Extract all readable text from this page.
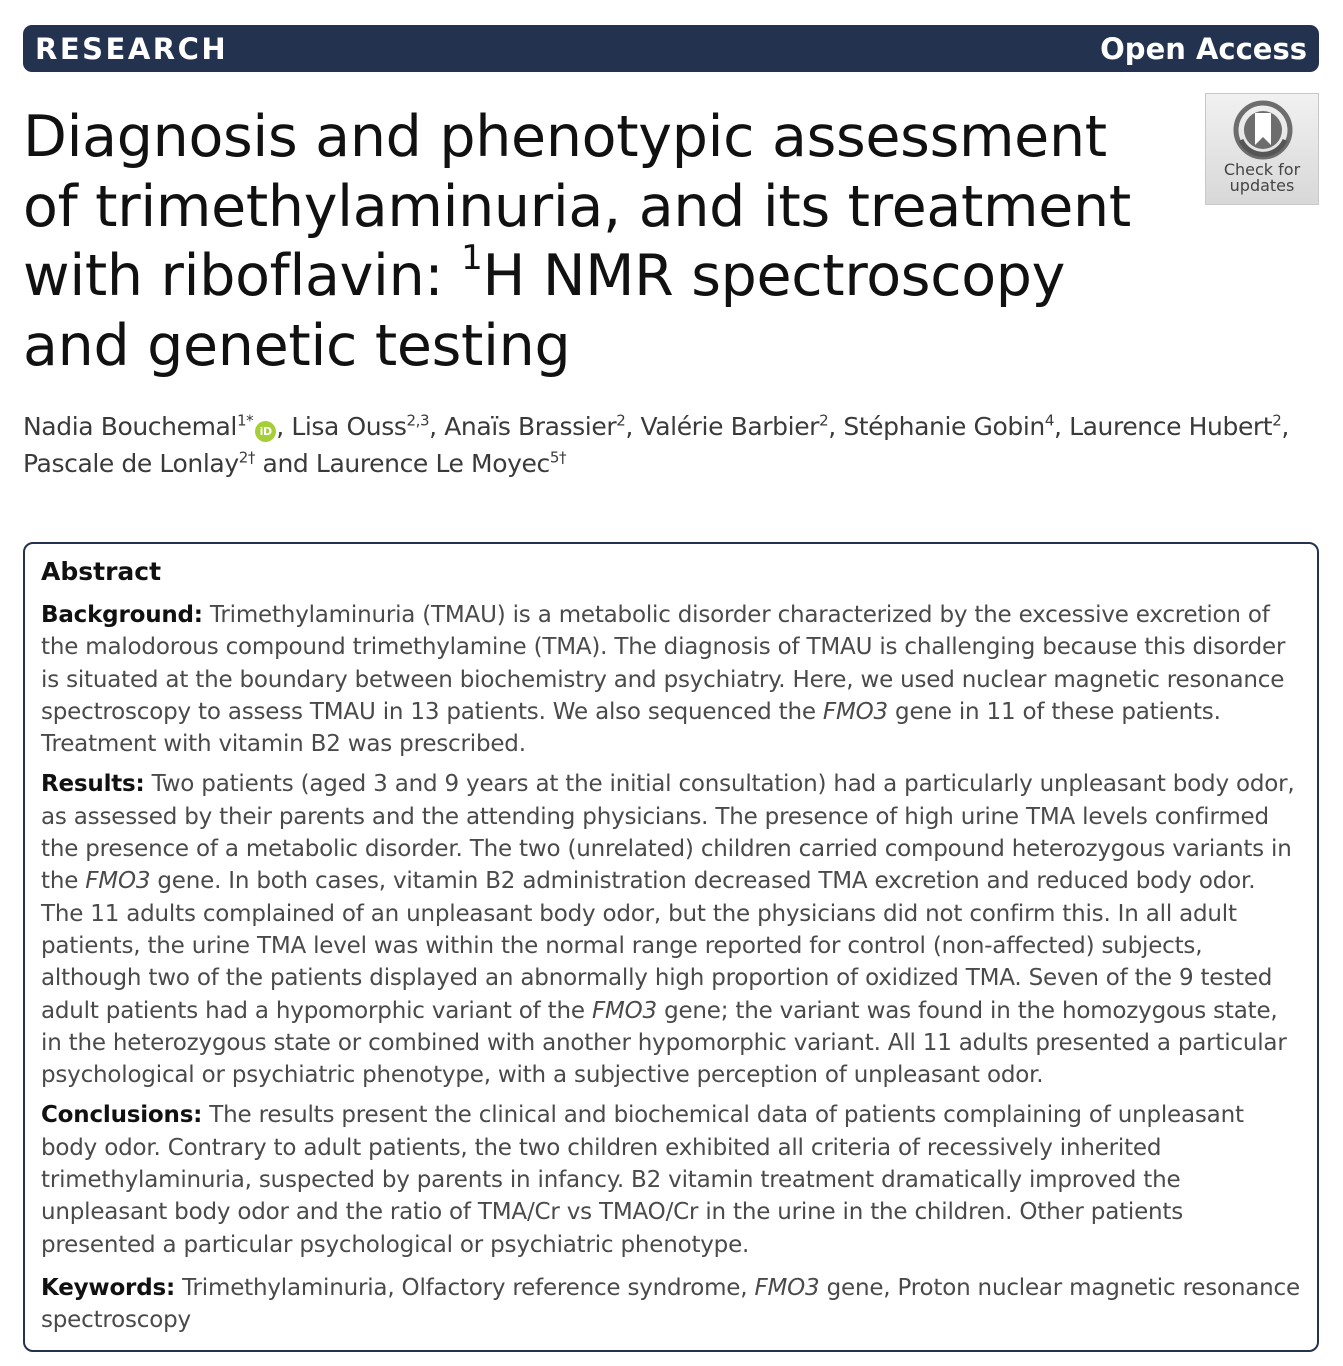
RESEARCH	Open Access
Diagnosis and phenotypic assessment of trimethylaminuria, and its treatment with riboflavin: $^1$H NMR spectroscopy and genetic testing
Check for
updates
Nadia Bouchemal$^{1*}$iD , Lisa Ouss$^{2,3}$, Anaïs Brassier$^2$, Valérie Barbier$^2$, Stéphanie Gobin$^4$, Laurence Hubert$^2$,
Pascale de Lonlay$^{2\dagger}$ and Laurence Le Moyec$^{5\dagger}$
Abstract

Background: Trimethylaminuria (TMAU) is a metabolic disorder characterized by the excessive excretion of the malodorous compound trimethylamine (TMA). The diagnosis of TMAU is challenging because this disorder is situated at the boundary between biochemistry and psychiatry. Here, we used nuclear magnetic resonance spectroscopy to assess TMAU in 13 patients. We also sequenced the FMO3 gene in 11 of these patients. Treatment with vitamin B2 was prescribed.

Results: Two patients (aged 3 and 9 years at the initial consultation) had a particularly unpleasant body odor, as assessed by their parents and the attending physicians. The presence of high urine TMA levels confirmed the presence of a metabolic disorder. The two (unrelated) children carried compound heterozygous variants in the FMO3 gene. In both cases, vitamin B2 administration decreased TMA excretion and reduced body odor. The 11 adults complained of an unpleasant body odor, but the physicians did not confirm this. In all adult patients, the urine TMA level was within the normal range reported for control (non-affected) subjects, although two of the patients displayed an abnormally high proportion of oxidized TMA. Seven of the 9 tested adult patients had a hypomorphic variant of the FMO3 gene; the variant was found in the homozygous state, in the heterozygous state or combined with another hypomorphic variant. All 11 adults presented a particular psychological or psychiatric phenotype, with a subjective perception of unpleasant odor.

Conclusions: The results present the clinical and biochemical data of patients complaining of unpleasant body odor. Contrary to adult patients, the two children exhibited all criteria of recessively inherited trimethylaminuria, suspected by parents in infancy. B2 vitamin treatment dramatically improved the unpleasant body odor and the ratio of TMA/Cr vs TMAO/Cr in the urine in the children. Other patients presented a particular psychological or psychiatric phenotype.

Keywords: Trimethylaminuria, Olfactory reference syndrome, FMO3 gene, Proton nuclear magnetic resonance spectroscopy
